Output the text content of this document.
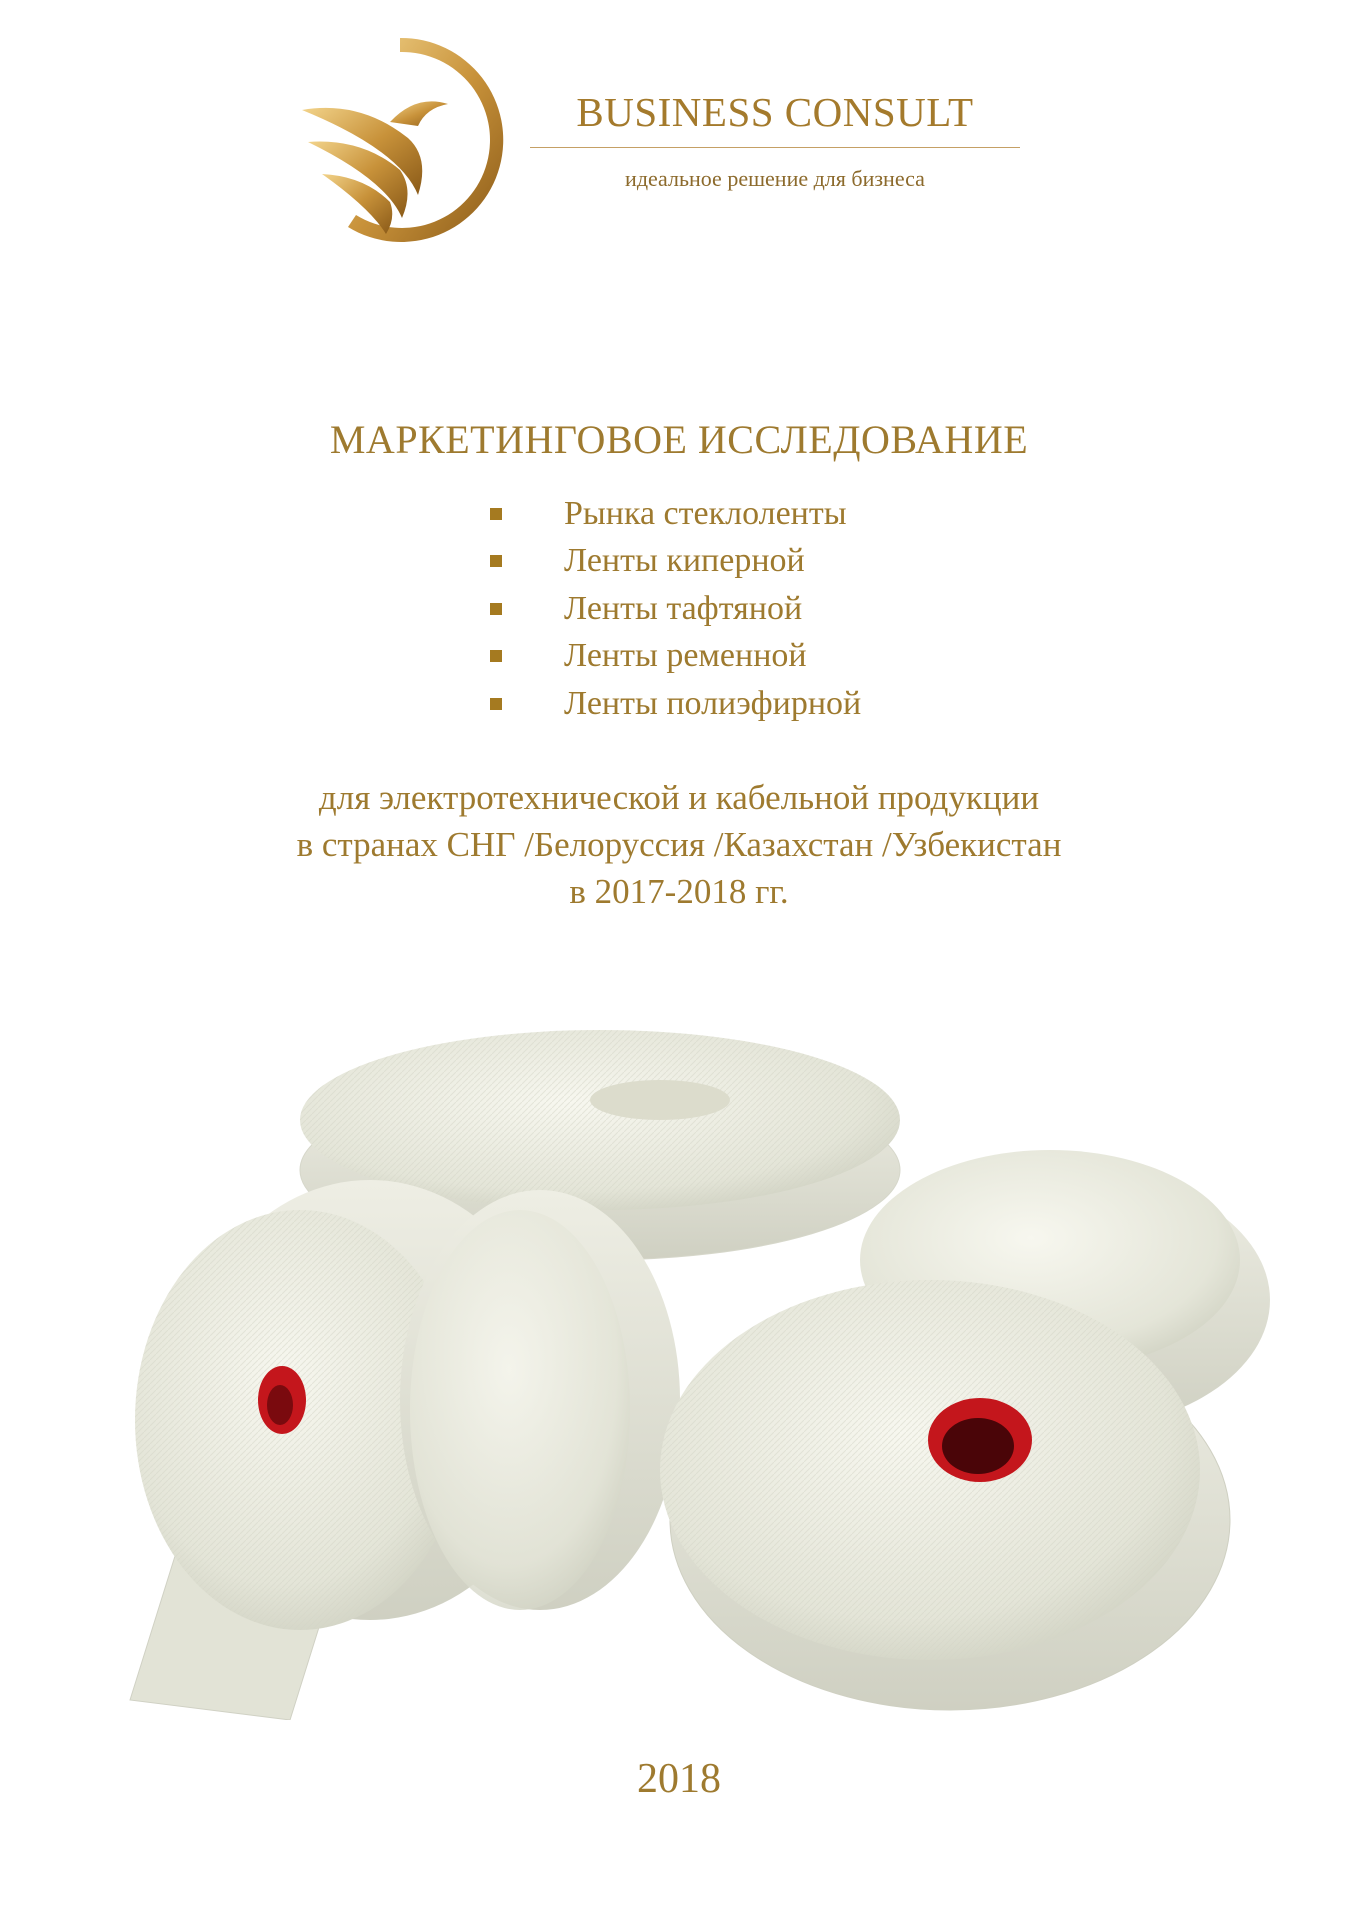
BUSINESS CONSULT
идеальное решение для бизнеса
МАРКЕТИНГОВОЕ ИССЛЕДОВАНИЕ
Рынка стеклоленты
Ленты киперной
Ленты тафтяной
Ленты ременной
Ленты полиэфирной
для электротехнической и кабельной продукции
в странах СНГ /Белоруссия /Казахстан /Узбекистан
в 2017-2018 гг.
2018
